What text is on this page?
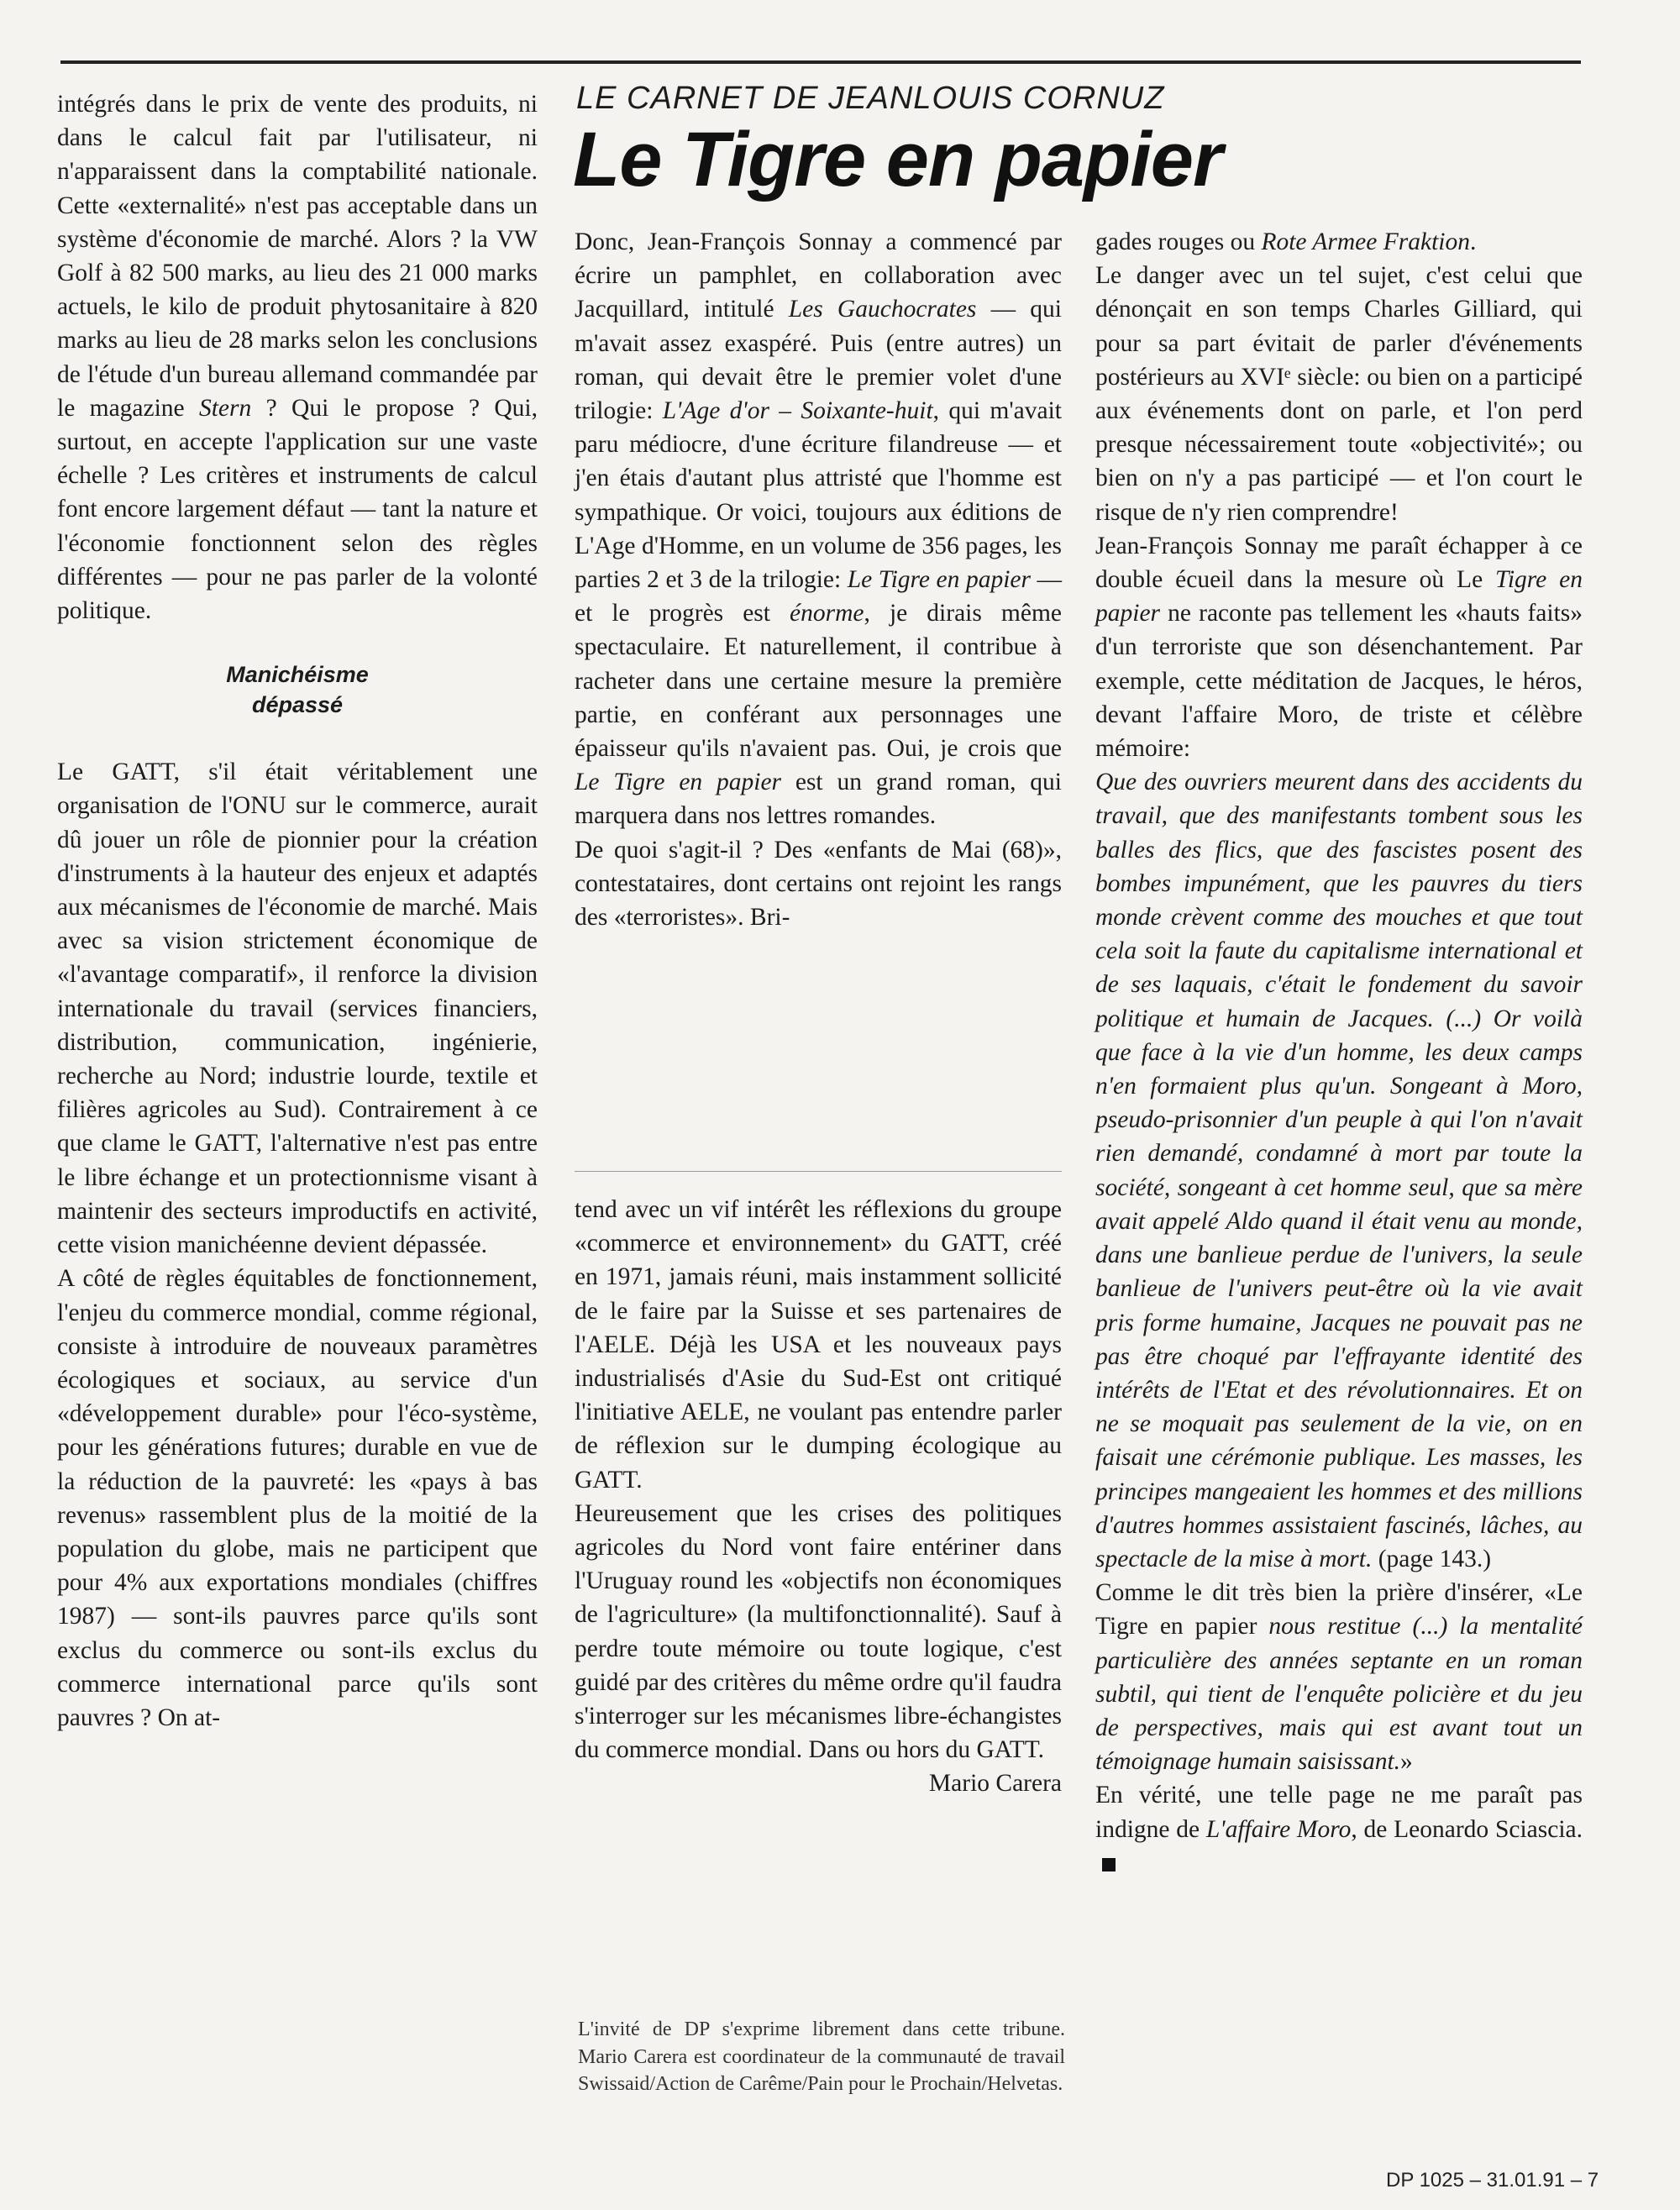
intégrés dans le prix de vente des produits, ni dans le calcul fait par l'utilisateur, ni n'apparaissent dans la comptabilité nationale. Cette «externalité» n'est pas acceptable dans un système d'économie de marché. Alors ? la VW Golf à 82 500 marks, au lieu des 21 000 marks actuels, le kilo de produit phytosanitaire à 820 marks au lieu de 28 marks selon les conclusions de l'étude d'un bureau allemand commandée par le magazine Stern ? Qui le propose ? Qui, surtout, en accepte l'application sur une vaste échelle ? Les critères et instruments de calcul font encore largement défaut — tant la nature et l'économie fonctionnent selon des règles différentes — pour ne pas parler de la volonté politique.

Manichéisme
dépassé

Le GATT, s'il était véritablement une organisation de l'ONU sur le commerce, aurait dû jouer un rôle de pionnier pour la création d'instruments à la hauteur des enjeux et adaptés aux mécanismes de l'économie de marché. Mais avec sa vision strictement économique de «l'avantage comparatif», il renforce la division internationale du travail (services financiers, distribution, communication, ingénierie, recherche au Nord; industrie lourde, textile et filières agricoles au Sud). Contrairement à ce que clame le GATT, l'alternative n'est pas entre le libre échange et un protectionnisme visant à maintenir des secteurs improductifs en activité, cette vision manichéenne devient dépassée.

A côté de règles équitables de fonctionnement, l'enjeu du commerce mondial, comme régional, consiste à introduire de nouveaux paramètres écologiques et sociaux, au service d'un «développement durable» pour l'éco-système, pour les générations futures; durable en vue de la réduction de la pauvreté: les «pays à bas revenus» rassemblent plus de la moitié de la population du globe, mais ne participent que pour 4% aux exportations mondiales (chiffres 1987) — sont-ils pauvres parce qu'ils sont exclus du commerce ou sont-ils exclus du commerce international parce qu'ils sont pauvres ? On at-

LE CARNET DE JEANLOUIS CORNUZ
Le Tigre en papier

Donc, Jean-François Sonnay a commencé par écrire un pamphlet, en collaboration avec Jacquillard, intitulé Les Gauchocrates — qui m'avait assez exaspéré. Puis (entre autres) un roman, qui devait être le premier volet d'une trilogie: L'Age d'or – Soixante-huit, qui m'avait paru médiocre, d'une écriture filandreuse — et j'en étais d'autant plus attristé que l'homme est sympathique. Or voici, toujours aux éditions de L'Age d'Homme, en un volume de 356 pages, les parties 2 et 3 de la trilogie: Le Tigre en papier — et le progrès est énorme, je dirais même spectaculaire. Et naturellement, il contribue à racheter dans une certaine mesure la première partie, en conférant aux personnages une épaisseur qu'ils n'avaient pas. Oui, je crois que Le Tigre en papier est un grand roman, qui marquera dans nos lettres romandes.

De quoi s'agit-il ? Des «enfants de Mai (68)», contestataires, dont certains ont rejoint les rangs des «terroristes». Bri-

tend avec un vif intérêt les réflexions du groupe «commerce et environnement» du GATT, créé en 1971, jamais réuni, mais instamment sollicité de le faire par la Suisse et ses partenaires de l'AELE. Déjà les USA et les nouveaux pays industrialisés d'Asie du Sud-Est ont critiqué l'initiative AELE, ne voulant pas entendre parler de réflexion sur le dumping écologique au GATT.

Heureusement que les crises des politiques agricoles du Nord vont faire entériner dans l'Uruguay round les «objectifs non économiques de l'agriculture» (la multifonctionnalité). Sauf à perdre toute mémoire ou toute logique, c'est guidé par des critères du même ordre qu'il faudra s'interroger sur les mécanismes libre-échangistes du commerce mondial. Dans ou hors du GATT.

Mario Carera

L'invité de DP s'exprime librement dans cette tribune. Mario Carera est coordinateur de la communauté de travail Swissaid/Action de Carême/Pain pour le Prochain/Helvetas.

gades rouges ou Rote Armee Fraktion.

Le danger avec un tel sujet, c'est celui que dénonçait en son temps Charles Gilliard, qui pour sa part évitait de parler d'événements postérieurs au XVIᵉ siècle: ou bien on a participé aux événements dont on parle, et l'on perd presque nécessairement toute «objectivité»; ou bien on n'y a pas participé — et l'on court le risque de n'y rien comprendre!

Jean-François Sonnay me paraît échapper à ce double écueil dans la mesure où Le Tigre en papier ne raconte pas tellement les «hauts faits» d'un terroriste que son désenchantement. Par exemple, cette méditation de Jacques, le héros, devant l'affaire Moro, de triste et célèbre mémoire:

Que des ouvriers meurent dans des accidents du travail, que des manifestants tombent sous les balles des flics, que des fascistes posent des bombes impunément, que les pauvres du tiers monde crèvent comme des mouches et que tout cela soit la faute du capitalisme international et de ses laquais, c'était le fondement du savoir politique et humain de Jacques. (...) Or voilà que face à la vie d'un homme, les deux camps n'en formaient plus qu'un. Songeant à Moro, pseudo-prisonnier d'un peuple à qui l'on n'avait rien demandé, condamné à mort par toute la société, songeant à cet homme seul, que sa mère avait appelé Aldo quand il était venu au monde, dans une banlieue perdue de l'univers, la seule banlieue de l'univers peut-être où la vie avait pris forme humaine, Jacques ne pouvait pas ne pas être choqué par l'effrayante identité des intérêts de l'Etat et des révolutionnaires. Et on ne se moquait pas seulement de la vie, on en faisait une cérémonie publique. Les masses, les principes mangeaient les hommes et des millions d'autres hommes assistaient fascinés, lâches, au spectacle de la mise à mort. (page 143.)

Comme le dit très bien la prière d'insérer, «Le Tigre en papier nous restitue (...) la mentalité particulière des années septante en un roman subtil, qui tient de l'enquête policière et du jeu de perspectives, mais qui est avant tout un témoignage humain saisissant.»

En vérité, une telle page ne me paraît pas indigne de L'affaire Moro, de Leonardo Sciascia.

DP 1025 – 31.01.91 – 7
